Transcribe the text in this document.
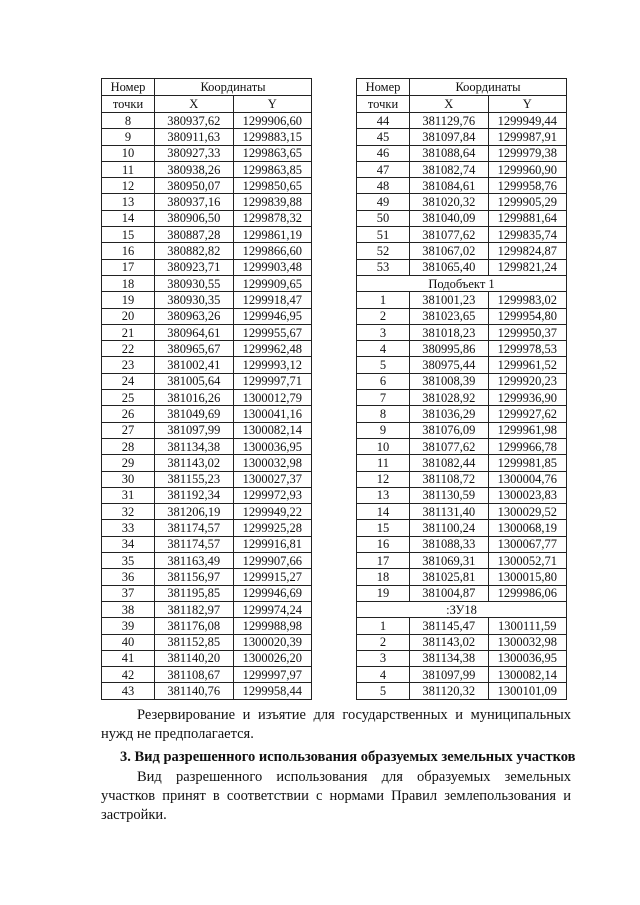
Номер	Координаты	
точки	X	Y
8	380937,62	1299906,60
9	380911,63	1299883,15
10	380927,33	1299863,65
11	380938,26	1299863,85
12	380950,07	1299850,65
13	380937,16	1299839,88
14	380906,50	1299878,32
15	380887,28	1299861,19
16	380882,82	1299866,60
17	380923,71	1299903,48
18	380930,55	1299909,65
19	380930,35	1299918,47
20	380963,26	1299946,95
21	380964,61	1299955,67
22	380965,67	1299962,48
23	381002,41	1299993,12
24	381005,64	1299997,71
25	381016,26	1300012,79
26	381049,69	1300041,16
27	381097,99	1300082,14
28	381134,38	1300036,95
29	381143,02	1300032,98
30	381155,23	1300027,37
31	381192,34	1299972,93
32	381206,19	1299949,22
33	381174,57	1299925,28
34	381174,57	1299916,81
35	381163,49	1299907,66
36	381156,97	1299915,27
37	381195,85	1299946,69
38	381182,97	1299974,24
39	381176,08	1299988,98
40	381152,85	1300020,39
41	381140,20	1300026,20
42	381108,67	1299997,97
43	381140,76	1299958,44
Номер	Координаты	
точки	X	Y
44	381129,76	1299949,44
45	381097,84	1299987,91
46	381088,64	1299979,38
47	381082,74	1299960,90
48	381084,61	1299958,76
49	381020,32	1299905,29
50	381040,09	1299881,64
51	381077,62	1299835,74
52	381067,02	1299824,87
53	381065,40	1299821,24
Подобъект 1		
1	381001,23	1299983,02
2	381023,65	1299954,80
3	381018,23	1299950,37
4	380995,86	1299978,53
5	380975,44	1299961,52
6	381008,39	1299920,23
7	381028,92	1299936,90
8	381036,29	1299927,62
9	381076,09	1299961,98
10	381077,62	1299966,78
11	381082,44	1299981,85
12	381108,72	1300004,76
13	381130,59	1300023,83
14	381131,40	1300029,52
15	381100,24	1300068,19
16	381088,33	1300067,77
17	381069,31	1300052,71
18	381025,81	1300015,80
19	381004,87	1299986,06
:ЗУ18		
1	381145,47	1300111,59
2	381143,02	1300032,98
3	381134,38	1300036,95
4	381097,99	1300082,14
5	381120,32	1300101,09

Резервирование и изъятие для государственных и муниципальных нужд не предполагается.

3. Вид разрешенного использования образуемых земельных участков

Вид разрешенного использования для образуемых земельных участков принят в соответствии с нормами Правил землепользования и застройки.
